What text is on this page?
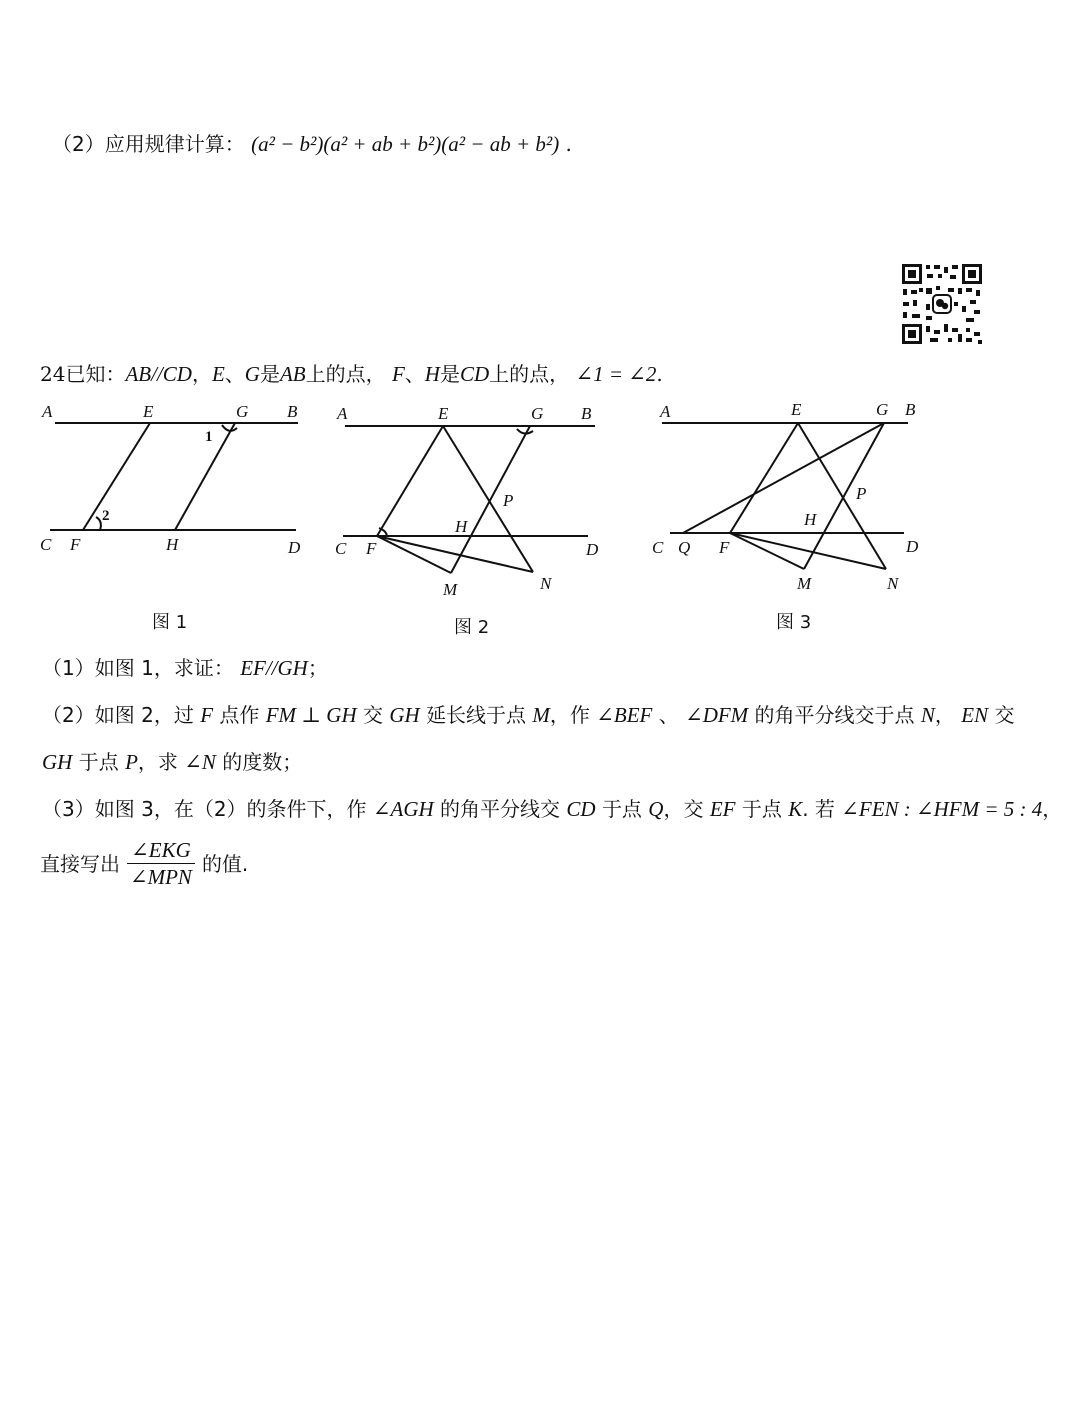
（2）应用规律计算： (a² − b²)(a² + ab + b²)(a² − ab + b²) .
24已知：AB//CD，E、G是AB上的点， F、H是CD上的点， ∠1 = ∠2.
A	E	G B
C F	H	D
1
2
图 1
A	E	G B
P
H
C F	D
M	N
图 2
A	E	G B
P
H
C Q F	D
M	N
图 3
（1）如图 1，求证： EF//GH；
（2）如图 2，过 F 点作 FM ⊥ GH 交 GH 延长线于点 M，作 ∠BEF 、 ∠DFM 的角平分线交于点 N， EN 交
GH 于点 P，求 ∠N 的度数；
（3）如图 3，在（2）的条件下，作 ∠AGH 的角平分线交 CD 于点 Q，交 EF 于点 K. 若 ∠FEN : ∠HFM = 5 : 4，
直接写出 $\frac{\text{∠EKG}}{\text{∠MPN}}$ 的值.
